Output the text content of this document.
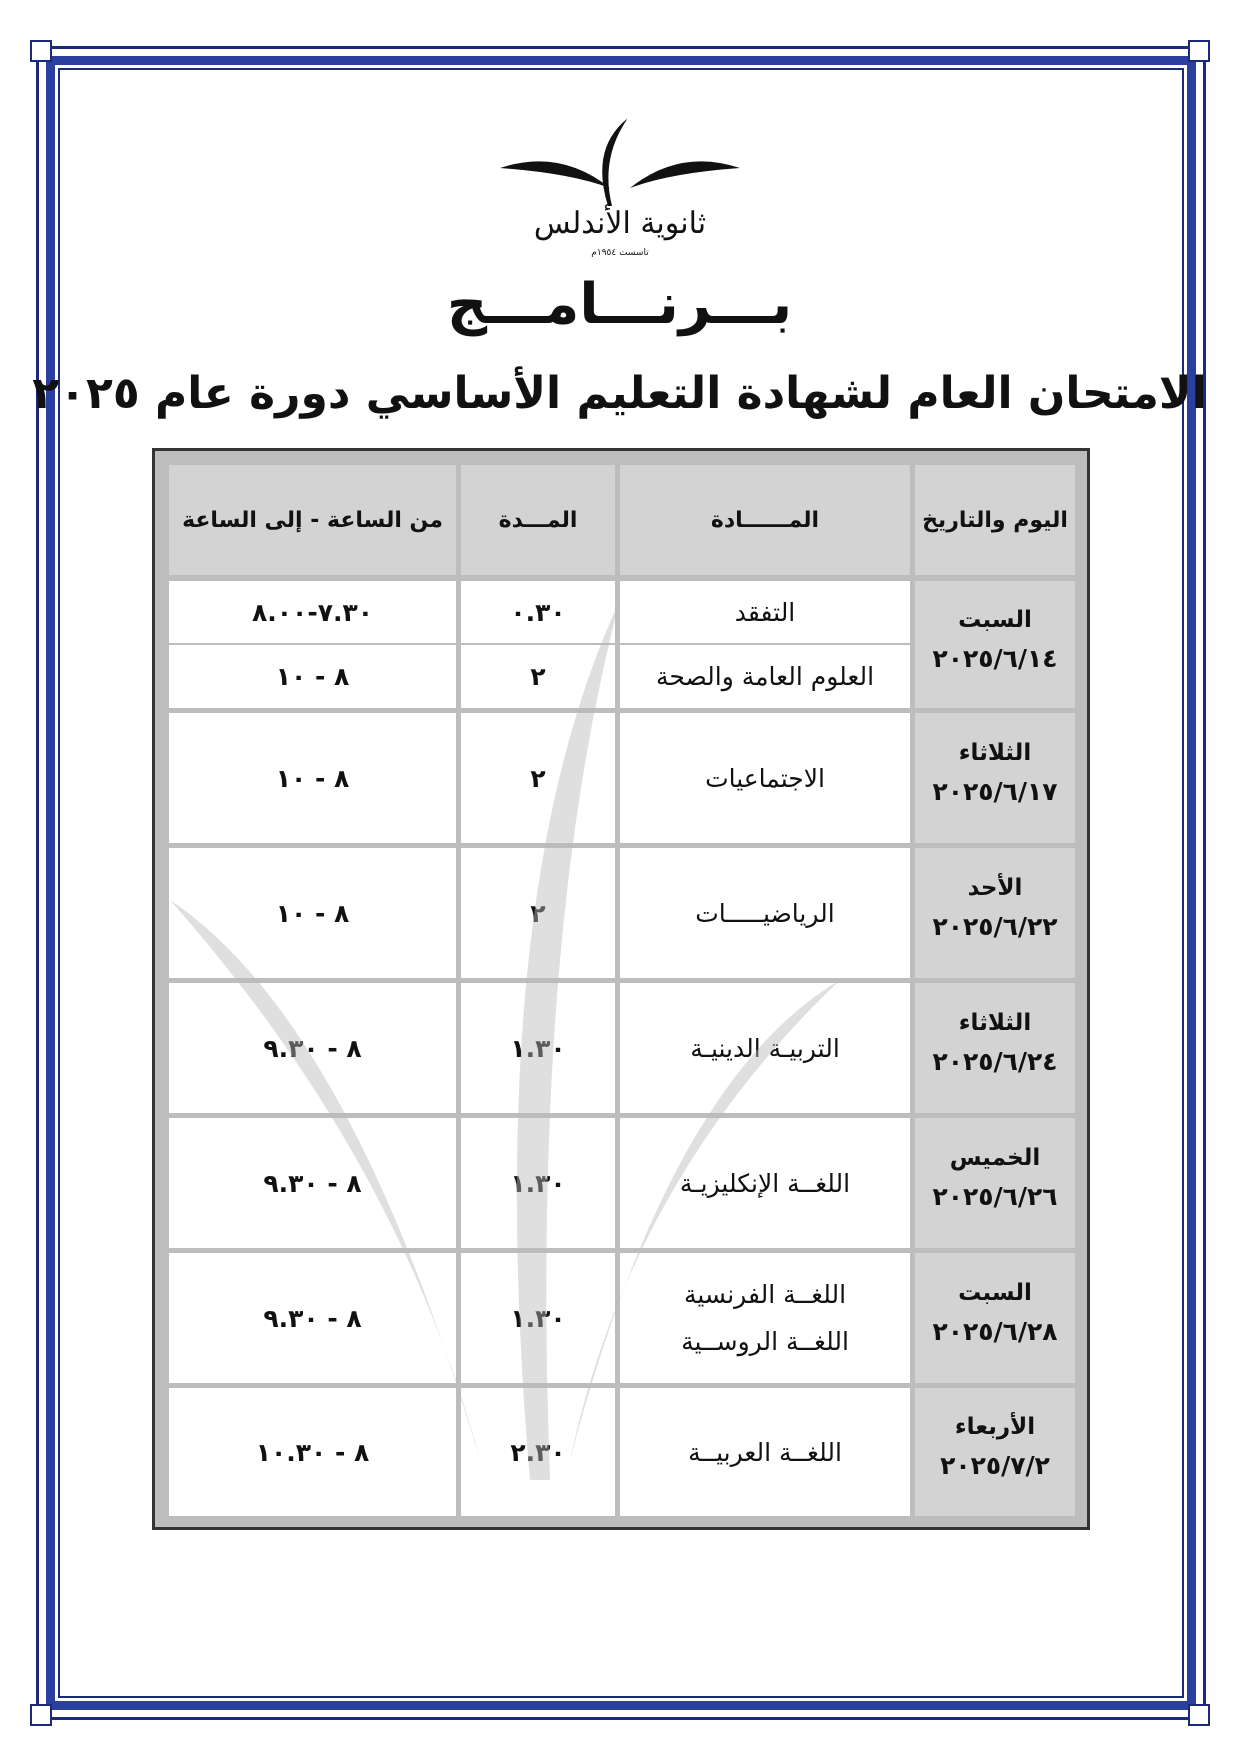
ثانوية الأندلس
تاسست ١٩٥٤م
بـــرنـــامـــج
الامتحان العام لشهادة التعليم الأساسي دورة عام ٢٠٢٥
اليوم والتاريخ
المــــــادة
المـــدة
من الساعة - إلى الساعة
السبت
٢٠٢٥/٦/١٤
التفقد
٠.٣٠
٧.٣٠-٨.٠٠
العلوم العامة والصحة
٢
٨ - ١٠
الثلاثاء
٢٠٢٥/٦/١٧
الاجتماعيات
٢
٨ - ١٠
الأحد
٢٠٢٥/٦/٢٢
الرياضيـــــات
٢
٨ - ١٠
الثلاثاء
٢٠٢٥/٦/٢٤
التربيـة الدينيـة
١.٣٠
٨ - ٩.٣٠
الخميس
٢٠٢٥/٦/٢٦
اللغــة الإنكليزيـة
١.٣٠
٨ - ٩.٣٠
السبت
٢٠٢٥/٦/٢٨
اللغــة الفرنسية
اللغــة الروســية
١.٣٠
٨ - ٩.٣٠
الأربعاء
٢٠٢٥/٧/٢
اللغــة العربيــة
٢.٣٠
٨ - ١٠.٣٠
